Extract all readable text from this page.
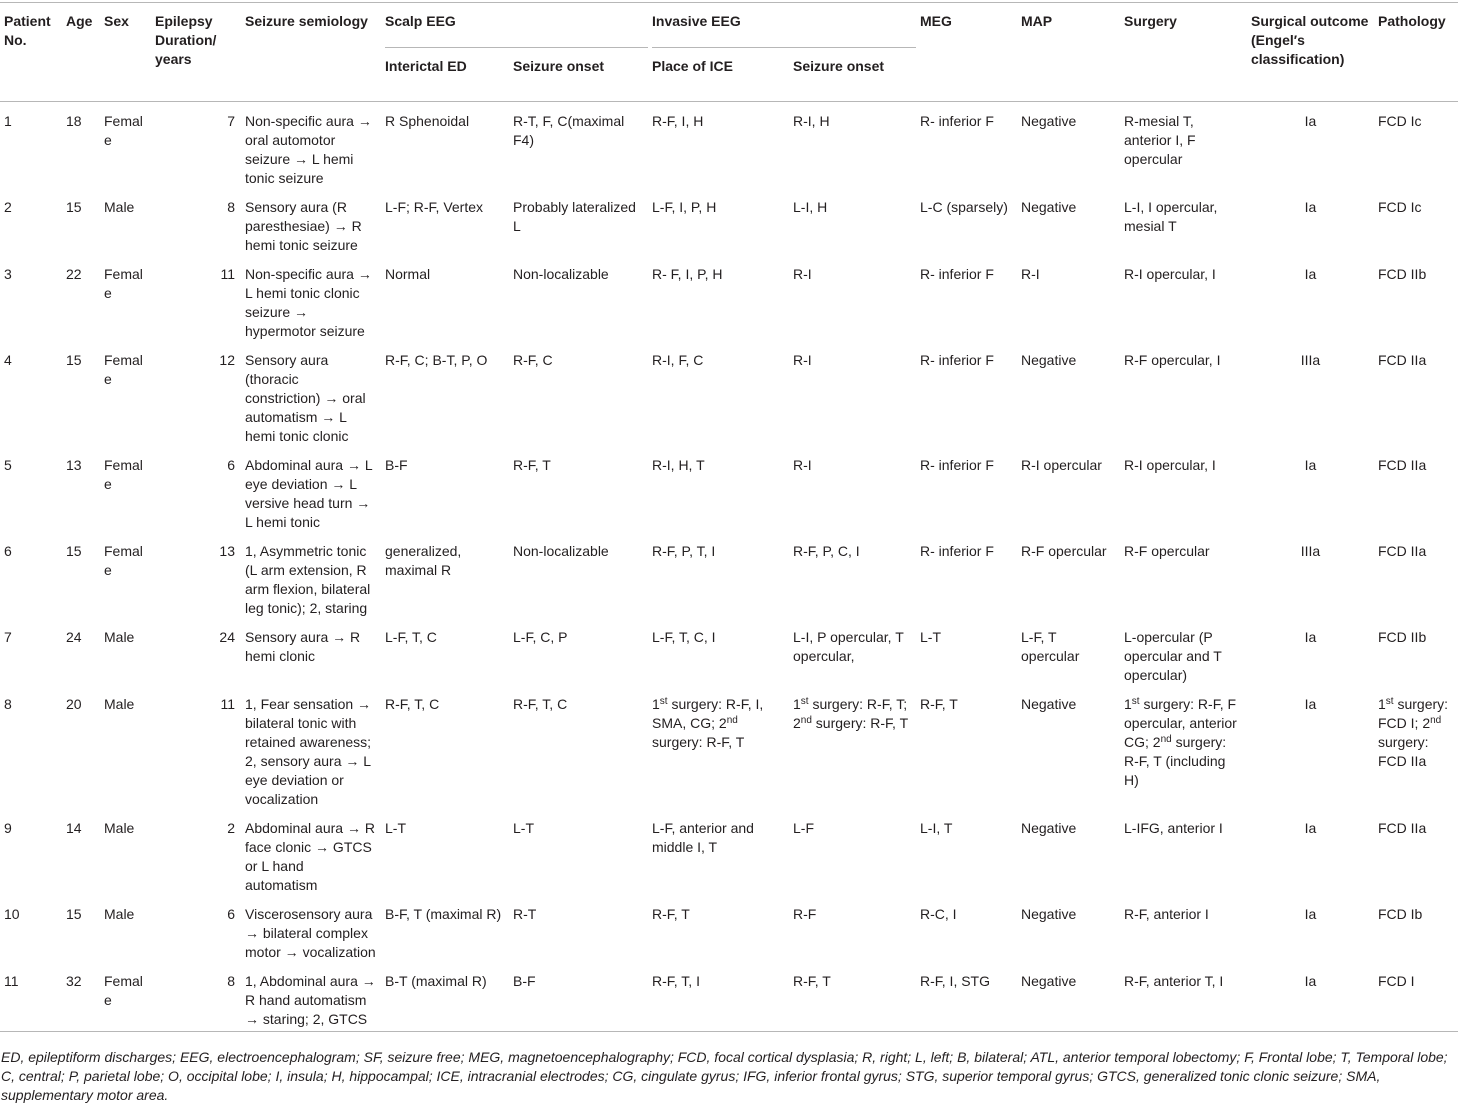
Patient No.	Age	Sex	Epilepsy Duration/ years	Seizure semiology	Scalp EEG		Invasive EEG		MEG	MAP	Surgery	Surgical outcome (Engel′s classification)	Pathology
					Interictal ED	Seizure onset	Place of ICE	Seizure onset					
1	18	Female	7	Non-specific aura → oral automotor seizure → L hemi tonic seizure	R Sphenoidal	R-T, F, C(maximal F4)	R-F, I, H	R-I, H	R- inferior F	Negative	R-mesial T, anterior I, F opercular	Ia	FCD Ic
2	15	Male	8	Sensory aura (R paresthesiae) → R hemi tonic seizure	L-F; R-F, Vertex	Probably lateralized L	L-F, I, P, H	L-I, H	L-C (sparsely)	Negative	L-I, I opercular, mesial T	Ia	FCD Ic
3	22	Female	11	Non-specific aura → L hemi tonic clonic seizure → hypermotor seizure	Normal	Non-localizable	R- F, I, P, H	R-I	R- inferior F	R-I	R-I opercular, I	Ia	FCD IIb
4	15	Female	12	Sensory aura (thoracic constriction) → oral automatism → L hemi tonic clonic	R-F, C; B-T, P, O	R-F, C	R-I, F, C	R-I	R- inferior F	Negative	R-F opercular, I	IIIa	FCD IIa
5	13	Female	6	Abdominal aura → L eye deviation → L versive head turn → L hemi tonic	B-F	R-F, T	R-I, H, T	R-I	R- inferior F	R-I opercular	R-I opercular, I	Ia	FCD IIa
6	15	Female	13	1, Asymmetric tonic (L arm extension, R arm flexion, bilateral leg tonic); 2, staring	generalized, maximal R	Non-localizable	R-F, P, T, I	R-F, P, C, I	R- inferior F	R-F opercular	R-F opercular	IIIa	FCD IIa
7	24	Male	24	Sensory aura → R hemi clonic	L-F, T, C	L-F, C, P	L-F, T, C, I	L-I, P opercular, T opercular,	L-T	L-F, T opercular	L-opercular (P opercular and T opercular)	Ia	FCD IIb
8	20	Male	11	1, Fear sensation → bilateral tonic with retained awareness; 2, sensory aura → L eye deviation or vocalization	R-F, T, C	R-F, T, C	1st surgery: R-F, I, SMA, CG; 2nd surgery: R-F, T	1st surgery: R-F, T; 2nd surgery: R-F, T	R-F, T	Negative	1st surgery: R-F, F opercular, anterior CG; 2nd surgery: R-F, T (including H)	Ia	1st surgery: FCD I; 2nd surgery: FCD IIa
9	14	Male	2	Abdominal aura → R face clonic → GTCS or L hand automatism	L-T	L-T	L-F, anterior and middle I, T	L-F	L-I, T	Negative	L-IFG, anterior I	Ia	FCD IIa
10	15	Male	6	Viscerosensory aura → bilateral complex motor → vocalization	B-F, T (maximal R)	R-T	R-F, T	R-F	R-C, I	Negative	R-F, anterior I	Ia	FCD Ib
11	32	Female	8	1, Abdominal aura → R hand automatism → staring; 2, GTCS	B-T (maximal R)	B-F	R-F, T, I	R-F, T	R-F, I, STG	Negative	R-F, anterior T, I	Ia	FCD I
ED, epileptiform discharges; EEG, electroencephalogram; SF, seizure free; MEG, magnetoencephalography; FCD, focal cortical dysplasia; R, right; L, left; B, bilateral; ATL, anterior temporal lobectomy; F, Frontal lobe; T, Temporal lobe; C, central; P, parietal lobe; O, occipital lobe; I, insula; H, hippocampal; ICE, intracranial electrodes; CG, cingulate gyrus; IFG, inferior frontal gyrus; STG, superior temporal gyrus; GTCS, generalized tonic clonic seizure; SMA, supplementary motor area.
